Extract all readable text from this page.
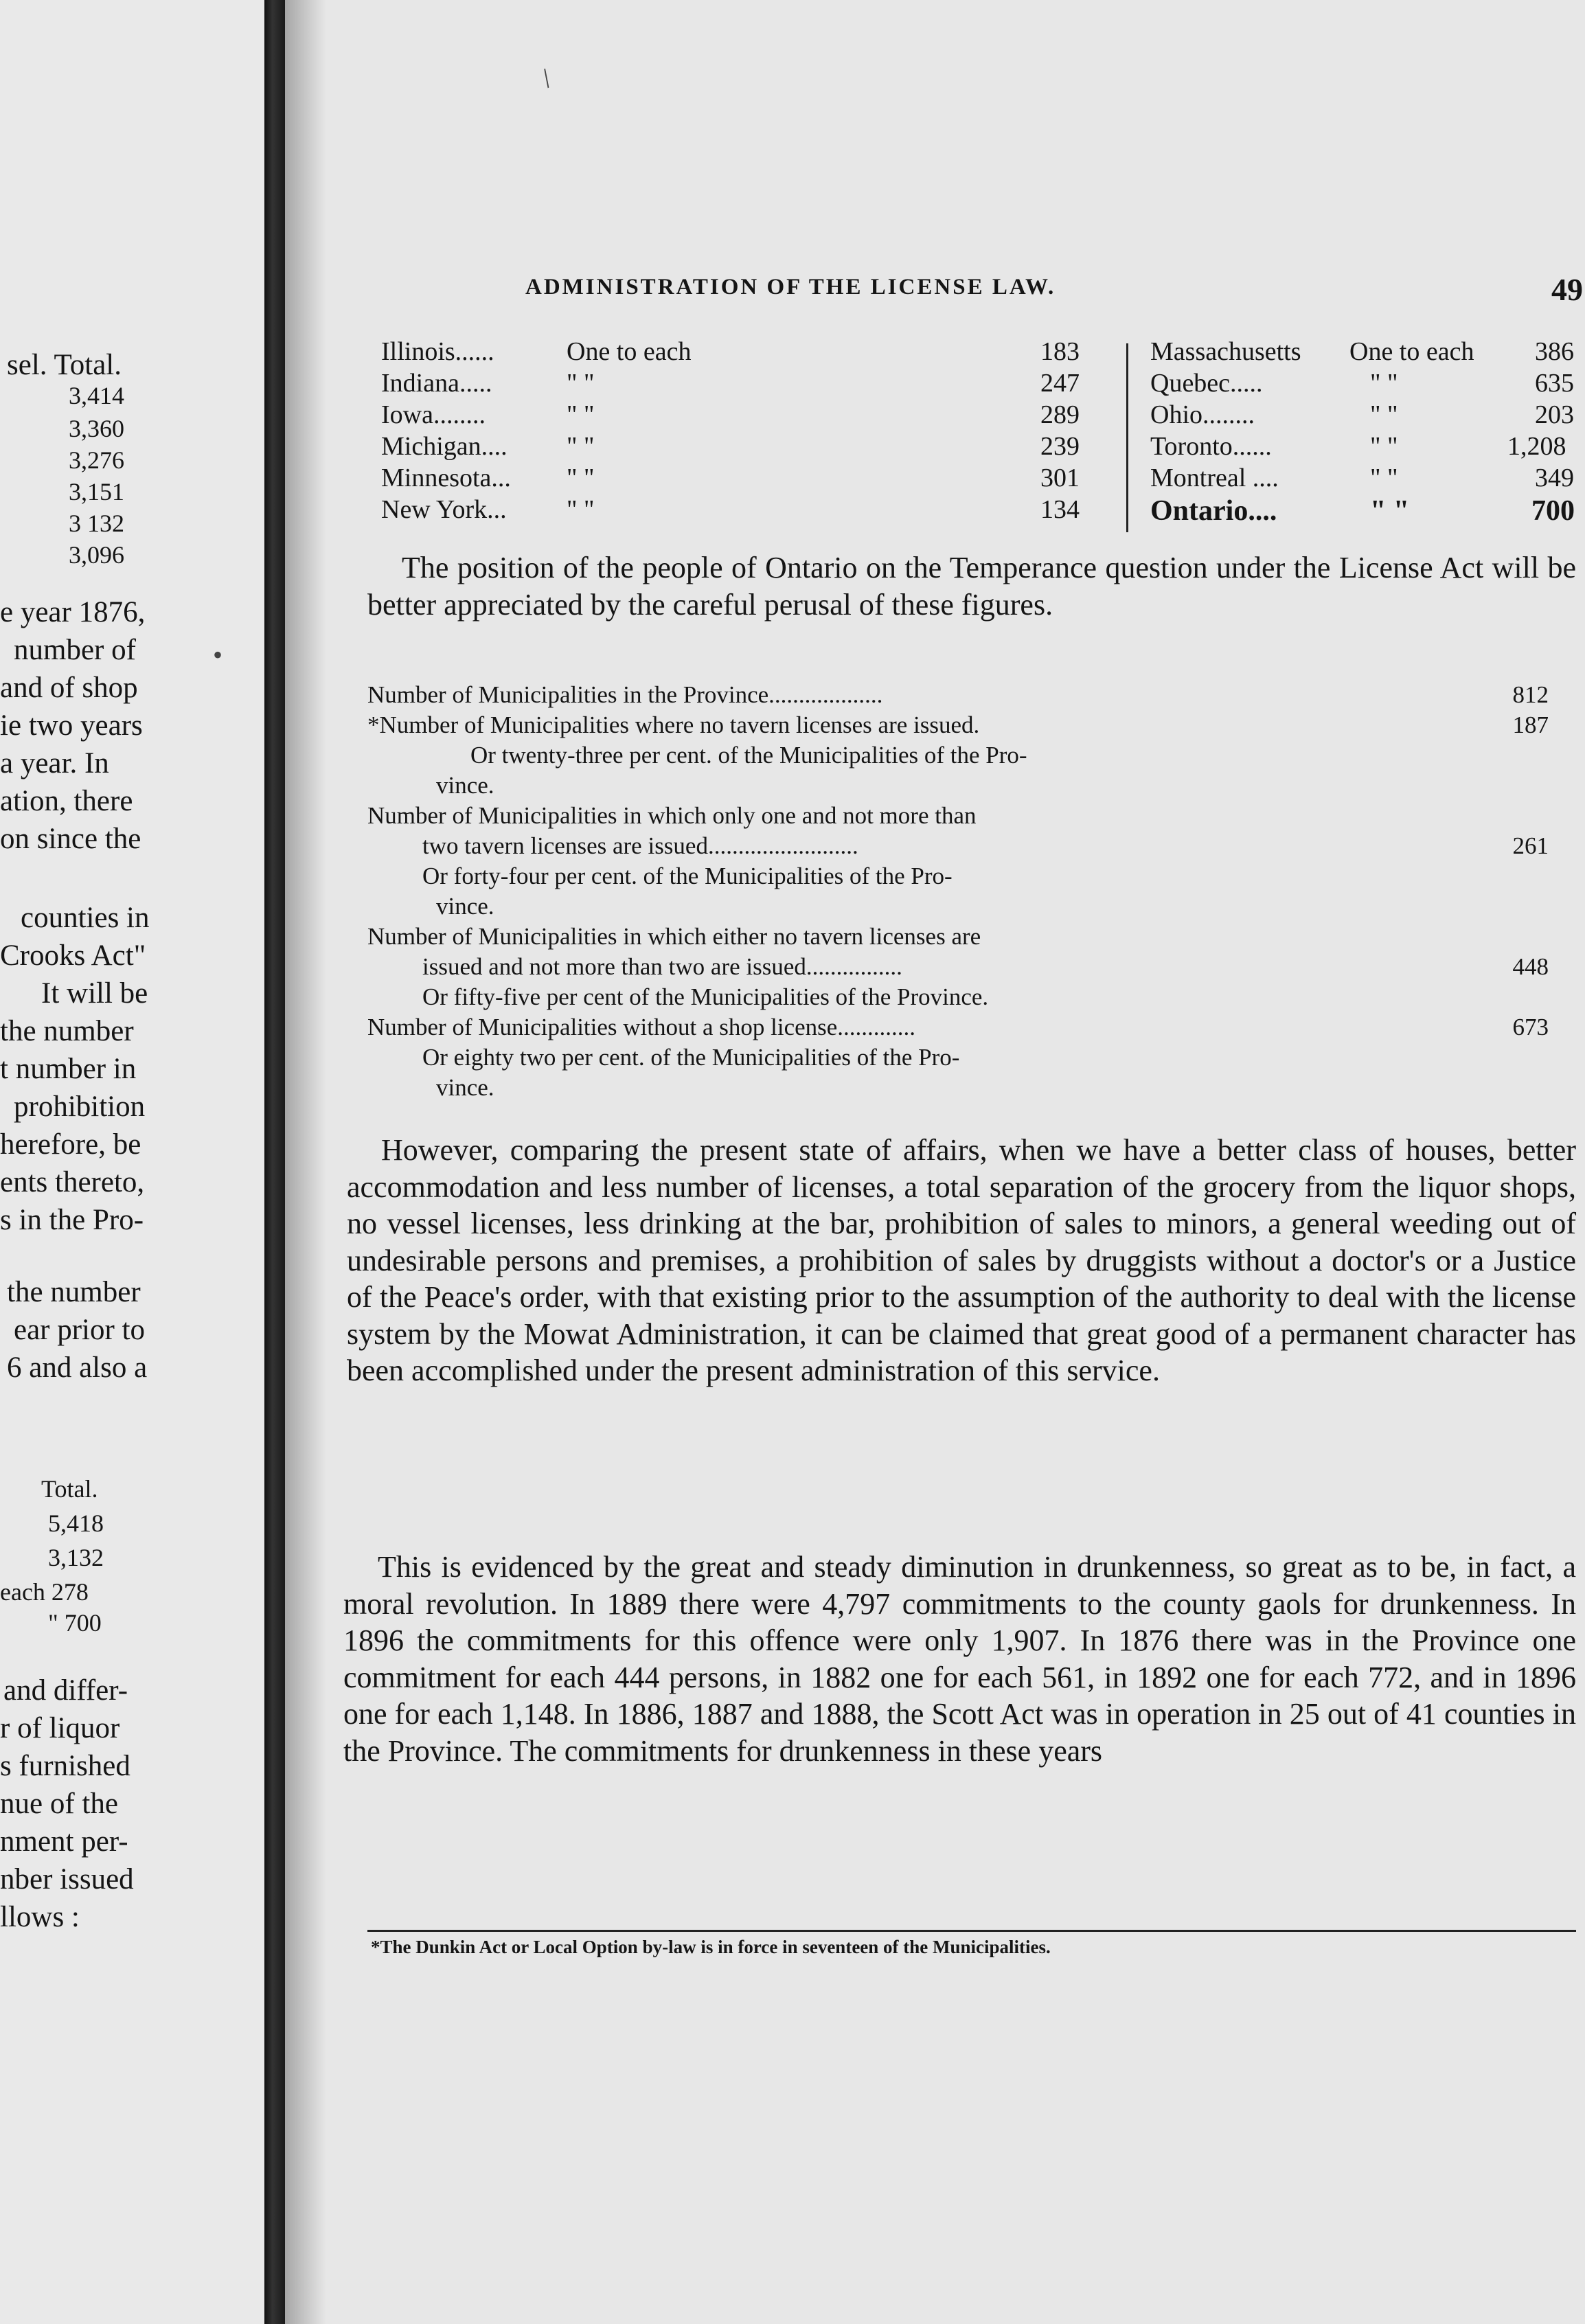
sel. Total.
3,414
3,360
3,276
3,151
3 132
3,096
e year 1876,
number of
and of shop
ie two years
a year. In
ation, there
on since the
counties in
Crooks Act"
It will be
the number
t number in
prohibition
herefore, be
ents thereto,
s in the Pro-
the number
ear prior to
6 and also a
Total.
5,418
3,132
each 278
" 700
and differ-
r of liquor
s furnished
nue of the
nment per-
nber issued
llows :
•
/
ADMINISTRATION OF THE LICENSE LAW.	49
Illinois......	One to each	183
Indiana.....	" "	247
Iowa........	" "	289
Michigan.... " "	239
Minnesota... " "	301
New York... " "	134
Massachusetts One to each 386
Quebec.....	" "	635
Ohio........	" "	203
Toronto......	" "	1,208
Montreal ....	" "	349
Ontario....	" "	700

The position of the people of Ontario on the Temperance question under the License Act will be better appreciated by the careful perusal of these figures.

Number of Municipalities in the Province...................	812
*Number of Municipalities where no tavern licenses are issued.	187
Or twenty-three per cent. of the Municipalities of the Pro-
vince.
Number of Municipalities in which only one and not more than
two tavern licenses are issued.........................	261
Or forty-four per cent. of the Municipalities of the Pro-
vince.
Number of Municipalities in which either no tavern licenses are
issued and not more than two are issued................	448
Or fifty-five per cent of the Municipalities of the Province.
Number of Municipalities without a shop license.............	673
Or eighty two per cent. of the Municipalities of the Pro-
vince.

However, comparing the present state of affairs, when we have a better class of houses, better accommodation and less number of licenses, a total separation of the grocery from the liquor shops, no vessel licenses, less drinking at the bar, prohibition of sales to minors, a general weeding out of undesirable persons and premises, a prohibition of sales by druggists without a doctor's or a Justice of the Peace's order, with that existing prior to the assumption of the authority to deal with the license system by the Mowat Administration, it can be claimed that great good of a permanent character has been accomplished under the present administration of this service.

This is evidenced by the great and steady diminution in drunkenness, so great as to be, in fact, a moral revolution. In 1889 there were 4,797 commitments to the county gaols for drunkenness. In 1896 the commitments for this offence were only 1,907. In 1876 there was in the Province one commitment for each 444 persons, in 1882 one for each 561, in 1892 one for each 772, and in 1896 one for each 1,148. In 1886, 1887 and 1888, the Scott Act was in operation in 25 out of 41 counties in the Province. The commitments for drunkenness in these years

*The Dunkin Act or Local Option by-law is in force in seventeen of the Municipalities.
